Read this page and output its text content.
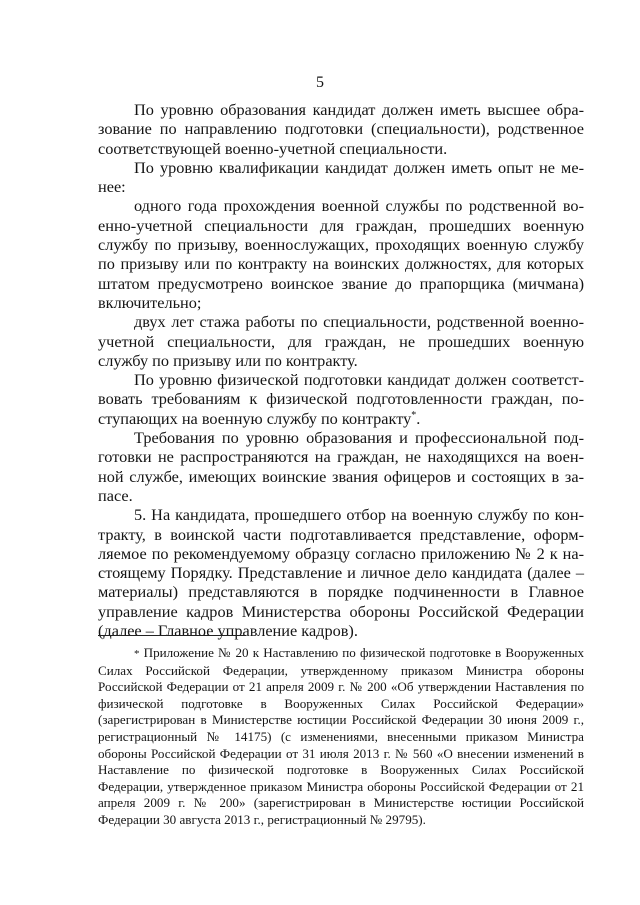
5

По уровню образования кандидат должен иметь высшее образование по направлению подготовки (специальности), родственное соответствующей военно-учетной специальности.

По уровню квалификации кандидат должен иметь опыт не менее:

одного года прохождения военной службы по родственной военно-учетной специальности для граждан, прошедших военную службу по призыву, военнослужащих, проходящих военную службу по призыву или по контракту на воинских должностях, для которых штатом предусмотрено воинское звание до прапорщика (мичмана) включительно;

двух лет стажа работы по специальности, родственной военноучетной специальности, для граждан, не прошедших военную службу по призыву или по контракту.

По уровню физической подготовки кандидат должен соответствовать требованиям к физической подготовленности граждан, поступающих на военную службу по контракту*.

Требования по уровню образования и профессиональной подготовки не распространяются на граждан, не находящихся на военной службе, имеющих воинские звания офицеров и состоящих в запасе.

5. На кандидата, прошедшего отбор на военную службу по контракту, в воинской части подготавливается представление, оформляемое по рекомендуемому образцу согласно приложению № 2 к настоящему Порядку. Представление и личное дело кандидата (далее – материалы) представляются в порядке подчиненности в Главное управление кадров Министерства обороны Российской Федерации (далее – Главное управление кадров).

* Приложение № 20 к Наставлению по физической подготовке в Вооруженных Силах Российской Федерации, утвержденному приказом Министра обороны Российской Федерации от 21 апреля 2009 г. № 200 «Об утверждении Наставления по физической подготовке в Вооруженных Силах Российской Федерации» (зарегистрирован в Министерстве юстиции Российской Федерации 30 июня 2009 г., регистрационный № 14175) (с изменениями, внесенными приказом Министра обороны Российской Федерации от 31 июля 2013 г. № 560 «О внесении изменений в Наставление по физической подготовке в Вооруженных Силах Российской Федерации, утвержденное приказом Министра обороны Российской Федерации от 21 апреля 2009 г. № 200» (зарегистрирован в Министерстве юстиции Российской Федерации 30 августа 2013 г., регистрационный № 29795).
